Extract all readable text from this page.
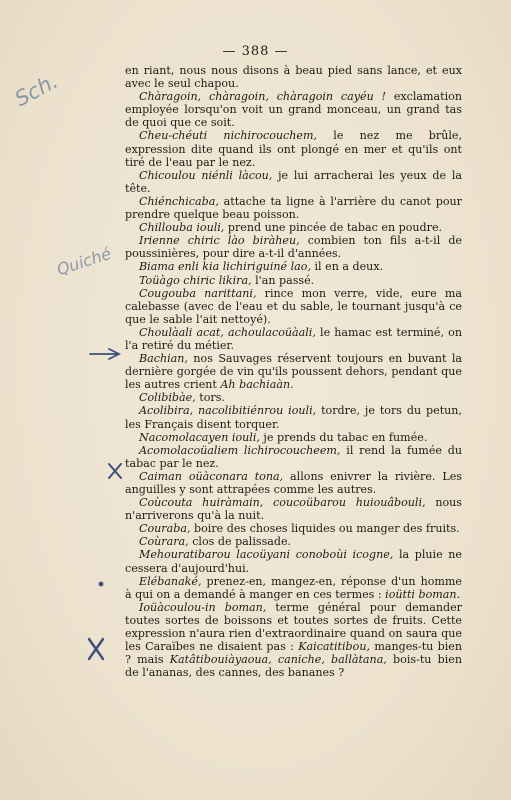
— 388 —
Sch.
Quiché

en riant, nous nous disons à beau pied sans lance, et eux avec le seul chapou.

Chàragoin, chàragoin, chàragoin cayéu ! exclamation employée lorsqu'on voit un grand monceau, un grand tas de quoi que ce soit.

Cheu-chéuti nichirocouchem, le nez me brûle, expression dite quand ils ont plongé en mer et qu'ils ont tiré de l'eau par le nez.

Chicoulou niénli làcou, je lui arracherai les yeux de la tête.

Chiénchicaba, attache ta ligne à l'arrière du canot pour prendre quelque beau poisson.

Chillouba iouli, prend une pincée de tabac en poudre.

Irienne chiric lào biràheu, combien ton fils a-t-il de poussinières, pour dire a-t-il d'années.

Biama enli kia lichiriguiné lao, il en a deux.

Toüàgo chiric likira, l'an passé.

Cougouba narittani, rince mon verre, vide, eure ma calebasse (avec de l'eau et du sable, le tournant jusqu'à ce que le sable l'ait nettoyé).

Choulàali acat, achoulacoüàali, le hamac est terminé, on l'a retiré du métier.

Bachian, nos Sauvages réservent toujours en buvant la dernière gorgée de vin qu'ils poussent dehors, pendant que les autres crient Ah bachiaàn.

Colibibàe, tors.

Acolibira, nacolibitiénrou iouli, tordre, je tors du petun, les Français disent torquer.

Nacomolacayen iouli, je prends du tabac en fumée.

Acomolacoüaliem lichirocoucheem, il rend la fumée du tabac par le nez.

Caiman oüàconara tona, allons enivrer la rivière. Les anguilles y sont attrapées comme les autres.

Coùcouta huiràmain, coucoübarou huiouâbouli, nous n'arriverons qu'à la nuit.

Couraba, boire des choses liquides ou manger des fruits.

Coùrara, clos de palissade.

Mehouratibarou lacoüyani conoboùi icogne, la pluie ne cessera d'aujourd'hui.

Elébanaké, prenez-en, mangez-en, réponse d'un homme à qui on a demandé à manger en ces termes : ioütti boman.

Ioüàcoulou-in boman, terme général pour demander toutes sortes de boissons et toutes sortes de fruits. Cette expression n'aura rien d'extraordinaire quand on saura que les Caraïbes ne disaient pas : Kaicatitibou, manges-tu bien ? mais Katâtibouiàyaoua, caniche, ballàtana, bois-tu bien de l'ananas, des cannes, des bananes ?
